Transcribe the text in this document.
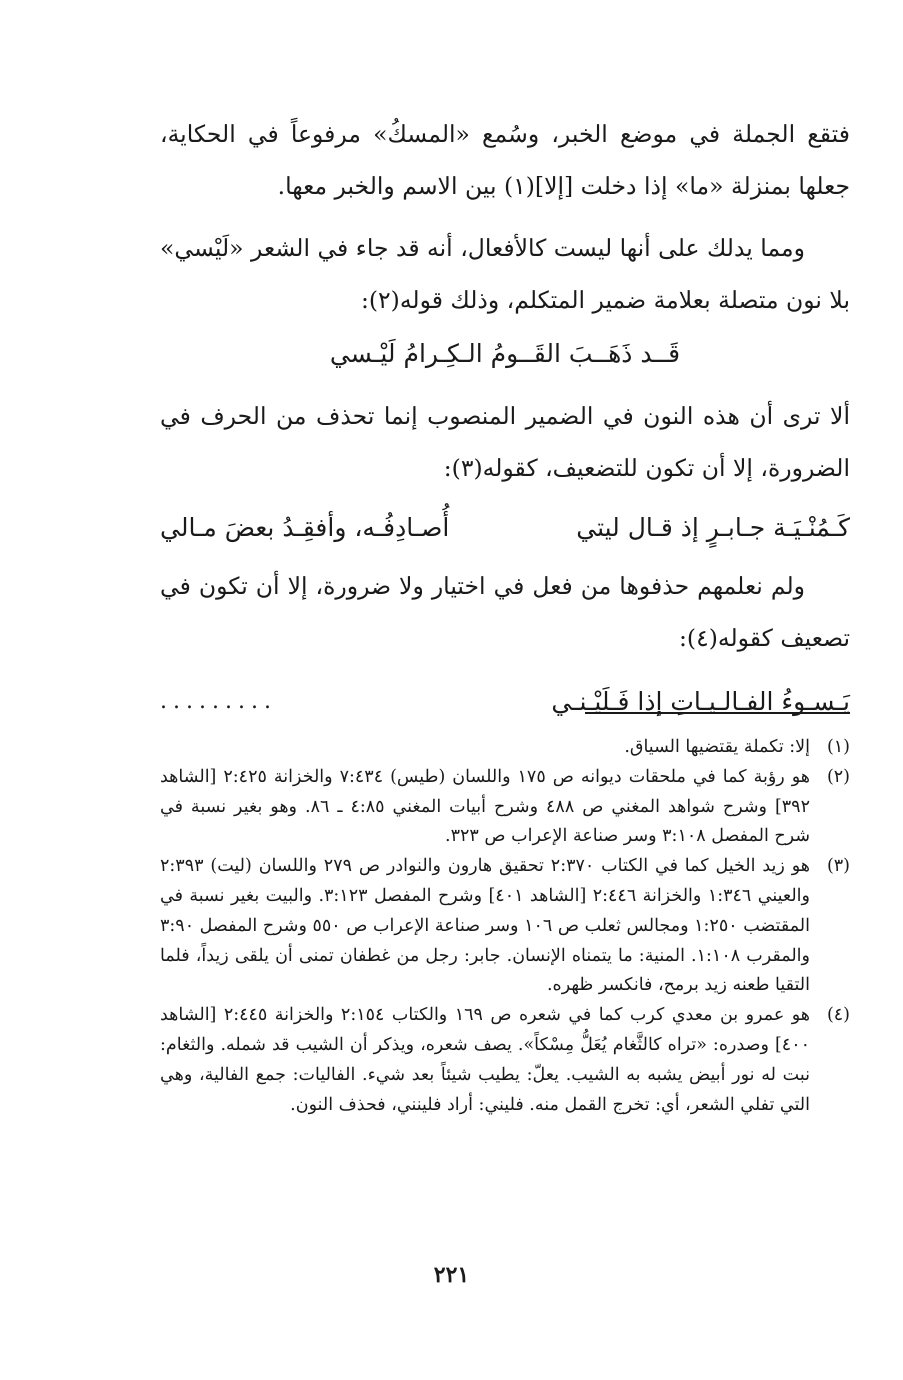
فتقع الجملة في موضع الخبر، وسُمع «المسكُ» مرفوعاً في الحكاية، جعلها بمنزلة «ما» إذا دخلت [إلا](١) بين الاسم والخبر معها.

ومما يدلك على أنها ليست كالأفعال، أنه قد جاء في الشعر «لَيْسي» بلا نون متصلة بعلامة ضمير المتكلم، وذلك قوله(٢):

قَــد ذَهَــبَ القَــومُ الـكِـرامُ لَيْـسي

ألا ترى أن هذه النون في الضمير المنصوب إنما تحذف من الحرف في الضرورة، إلا أن تكون للتضعيف، كقوله(٣):

كَـمُنْـيَـة جـابـرٍ إذ قـال ليتي
أُصـادِفُـه، وأفقِـدُ بعضَ مـالي

ولم نعلمهم حذفوها من فعل في اختيار ولا ضرورة، إلا أن تكون في تصعيف كقوله(٤):

يَـسـوءُ الفـالـيـاتِ إذا فَـلَيْـنـي
.........
(١)
إلا: تكملة يقتضيها السياق.
(٢)
هو رؤبة كما في ملحقات ديوانه ص ١٧٥ واللسان (طيس) ٧:٤٣٤ والخزانة ٢:٤٢٥ [الشاهد ٣٩٢] وشرح شواهد المغني ص ٤٨٨ وشرح أبيات المغني ٤:٨٥ ـ ٨٦. وهو بغير نسبة في شرح المفصل ٣:١٠٨ وسر صناعة الإعراب ص ٣٢٣.
(٣)
هو زيد الخيل كما في الكتاب ٢:٣٧٠ تحقيق هارون والنوادر ص ٢٧٩ واللسان (ليت) ٢:٣٩٣ والعيني ١:٣٤٦ والخزانة ٢:٤٤٦ [الشاهد ٤٠١] وشرح المفصل ٣:١٢٣. والبيت بغير نسبة في المقتضب ١:٢٥٠ ومجالس ثعلب ص ١٠٦ وسر صناعة الإعراب ص ٥٥٠ وشرح المفصل ٣:٩٠ والمقرب ١:١٠٨. المنية: ما يتمناه الإنسان. جابر: رجل من غطفان تمنى أن يلقى زيداً، فلما التقيا طعنه زيد برمح، فانكسر ظهره.
(٤)
هو عمرو بن معدي كرب كما في شعره ص ١٦٩ والكتاب ٢:١٥٤ والخزانة ٢:٤٤٥ [الشاهد ٤٠٠] وصدره: «تراه كالثَّغام يُعَلُّ مِسْكاً». يصف شعره، ويذكر أن الشيب قد شمله. والثغام: نبت له نور أبيض يشبه به الشيب. يعلّ: يطيب شيئاً بعد شيء. الفاليات: جمع الفالية، وهي التي تفلي الشعر، أي: تخرج القمل منه. فليني: أراد فلينني، فحذف النون.
٢٢١
